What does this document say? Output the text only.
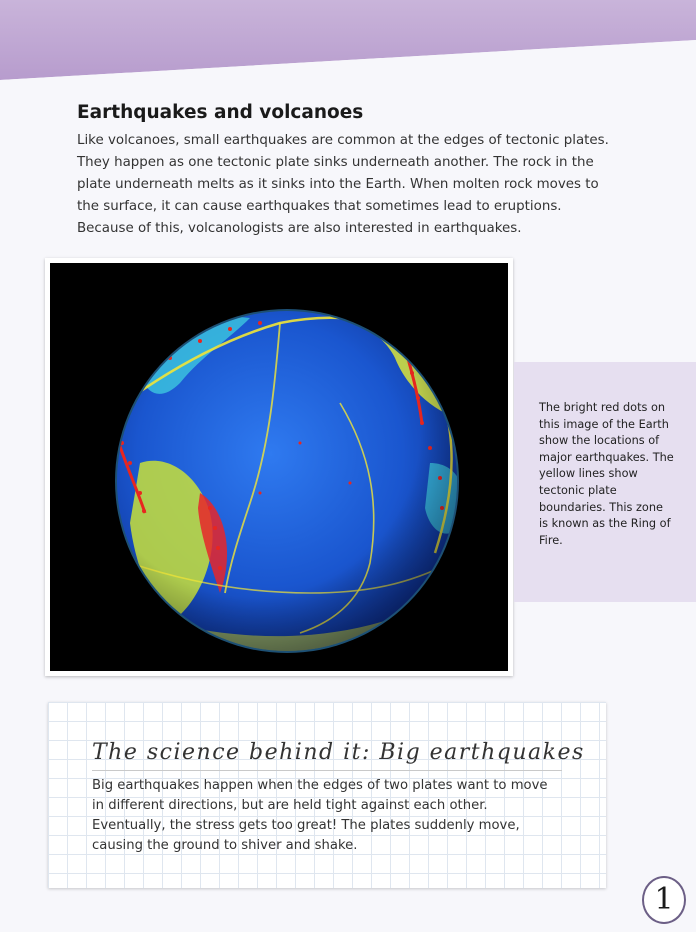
Earthquakes and volcanoes

Like volcanoes, small earthquakes are common at the edges of tectonic plates. They happen as one tectonic plate sinks underneath another. The rock in the plate underneath melts as it sinks into the Earth. When molten rock moves to the surface, it can cause earthquakes that sometimes lead to eruptions. Because of this, volcanologists are also interested in earthquakes.

The bright red dots on this image of the Earth show the locations of major earthquakes. The yellow lines show tectonic plate boundaries. This zone is known as the Ring of Fire.

The science behind it: Big earthquakes

Big earthquakes happen when the edges of two plates want to move in different directions, but are held tight against each other. Eventually, the stress gets too great! The plates suddenly move, causing the ground to shiver and shake.

1
